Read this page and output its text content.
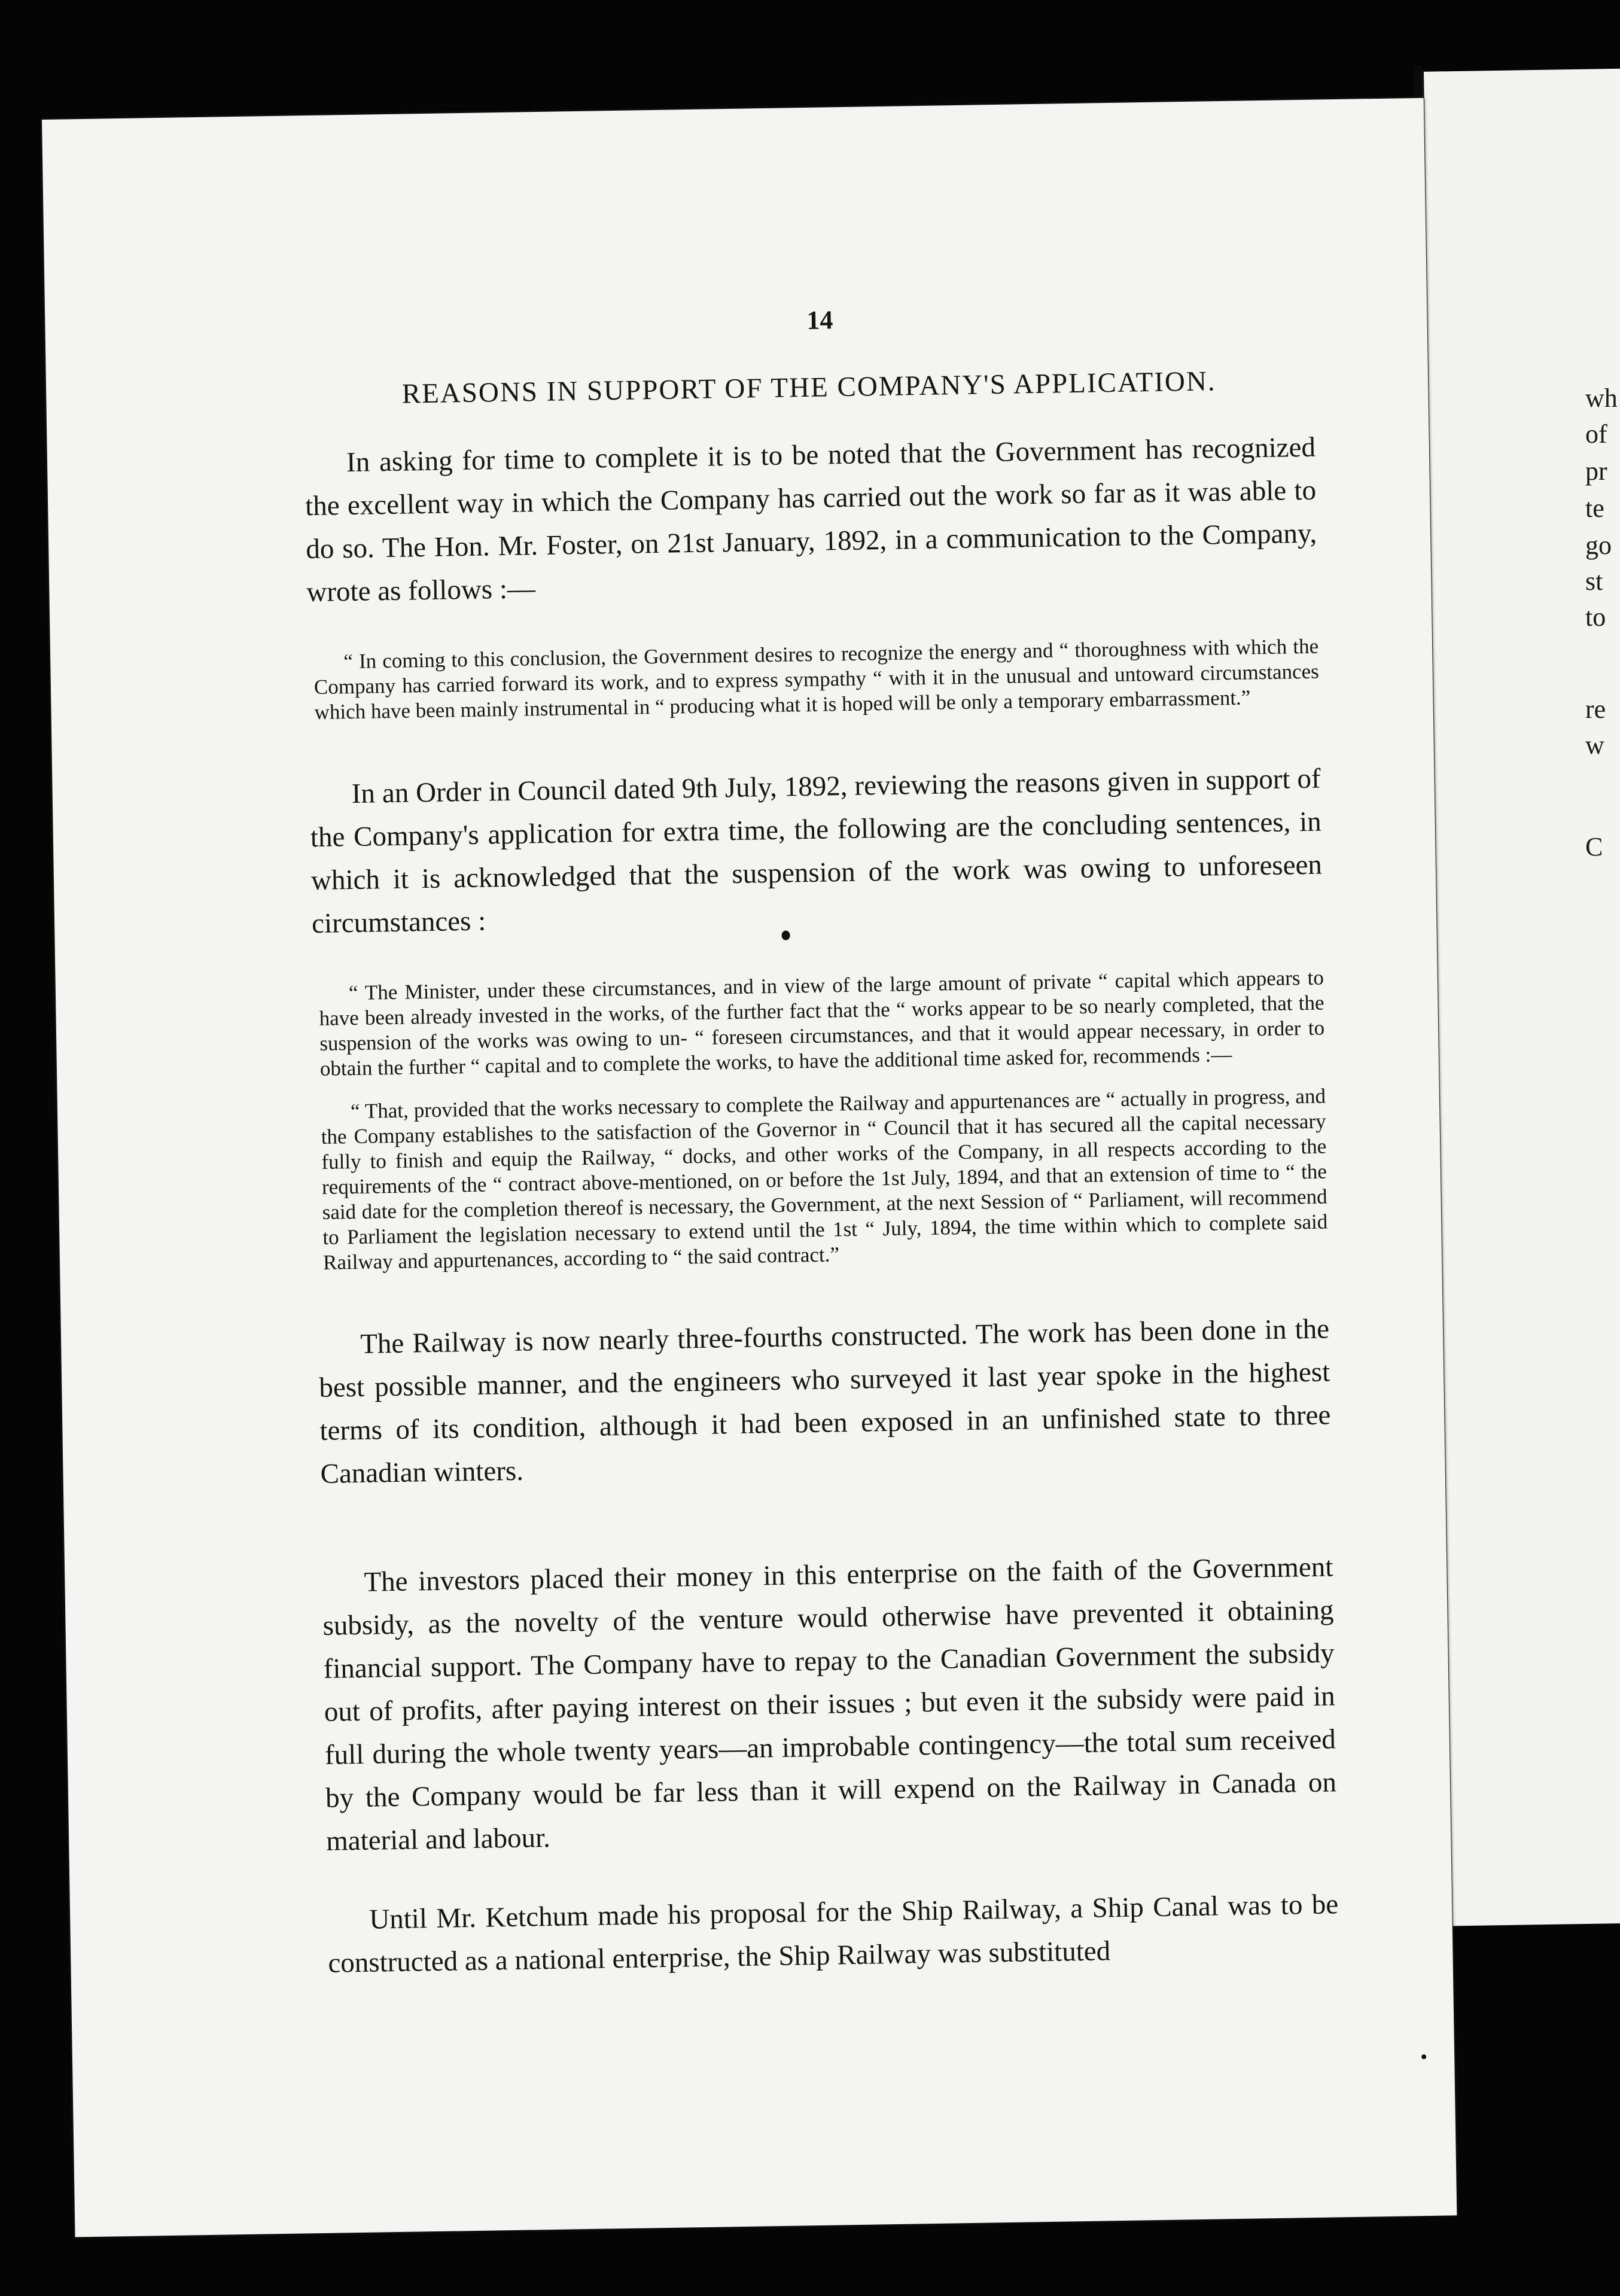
wh
of
pr
te
go
st
to
re
w
C
14
REASONS IN SUPPORT OF THE COMPANY'S APPLICATION.

In asking for time to complete it is to be noted that the Government has recognized the excellent way in which the Company has carried out the work so far as it was able to do so. The Hon. Mr. Foster, on 21st January, 1892, in a communication to the Company, wrote as follows :—

“ In coming to this conclusion, the Government desires to recognize the energy and “ thoroughness with which the Company has carried forward its work, and to express sympathy “ with it in the unusual and untoward circumstances which have been mainly instrumental in “ producing what it is hoped will be only a temporary embarrassment.”

In an Order in Council dated 9th July, 1892, reviewing the reasons given in support of the Company's application for extra time, the following are the concluding sentences, in which it is acknowledged that the suspension of the work was owing to unforeseen circumstances :

“ The Minister, under these circumstances, and in view of the large amount of private “ capital which appears to have been already invested in the works, of the further fact that the “ works appear to be so nearly completed, that the suspension of the works was owing to un- “ foreseen circumstances, and that it would appear necessary, in order to obtain the further “ capital and to complete the works, to have the additional time asked for, recommends :—

“ That, provided that the works necessary to complete the Railway and appurtenances are “ actually in progress, and the Company establishes to the satisfaction of the Governor in “ Council that it has secured all the capital necessary fully to finish and equip the Railway, “ docks, and other works of the Company, in all respects according to the requirements of the “ contract above-mentioned, on or before the 1st July, 1894, and that an extension of time to “ the said date for the completion thereof is necessary, the Government, at the next Session of “ Parliament, will recommend to Parliament the legislation necessary to extend until the 1st “ July, 1894, the time within which to complete said Railway and appurtenances, according to “ the said contract.”

The Railway is now nearly three-fourths constructed. The work has been done in the best possible manner, and the engineers who surveyed it last year spoke in the highest terms of its condition, although it had been exposed in an unfinished state to three Canadian winters.

The investors placed their money in this enterprise on the faith of the Government subsidy, as the novelty of the venture would otherwise have prevented it obtaining financial support. The Company have to repay to the Canadian Government the subsidy out of profits, after paying interest on their issues ; but even it the subsidy were paid in full during the whole twenty years—an improbable contingency—the total sum received by the Company would be far less than it will expend on the Railway in Canada on material and labour.

Until Mr. Ketchum made his proposal for the Ship Railway, a Ship Canal was to be constructed as a national enterprise, the Ship Railway was substituted
